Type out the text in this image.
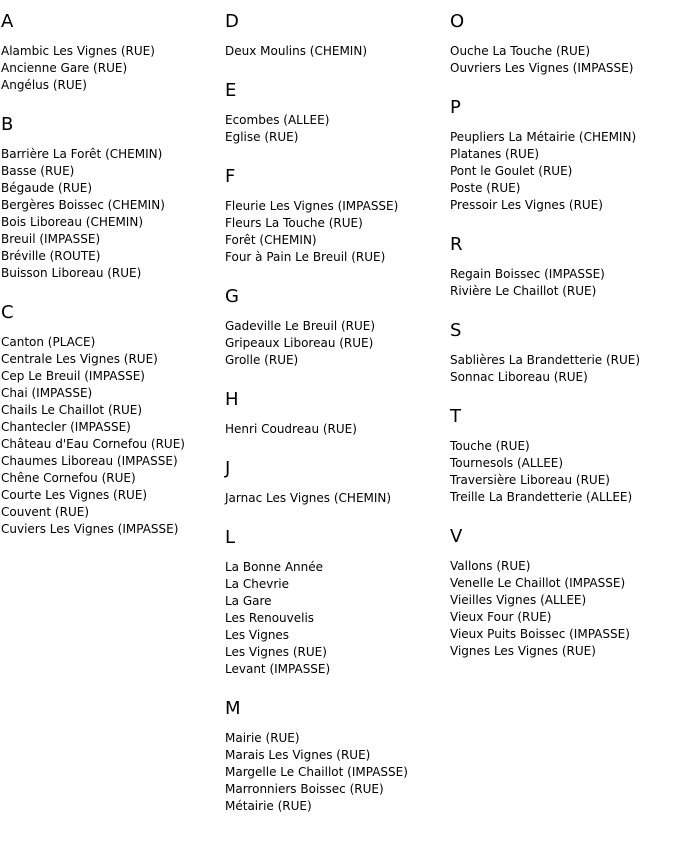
A
Alambic Les Vignes (RUE)
Ancienne Gare (RUE)
Angélus (RUE)
B
Barrière La Forêt (CHEMIN)
Basse (RUE)
Bégaude (RUE)
Bergères Boissec (CHEMIN)
Bois Liboreau (CHEMIN)
Breuil (IMPASSE)
Bréville (ROUTE)
Buisson Liboreau (RUE)
C
Canton (PLACE)
Centrale Les Vignes (RUE)
Cep Le Breuil (IMPASSE)
Chai (IMPASSE)
Chails Le Chaillot (RUE)
Chantecler (IMPASSE)
Château d'Eau Cornefou (RUE)
Chaumes Liboreau (IMPASSE)
Chêne Cornefou (RUE)
Courte Les Vignes (RUE)
Couvent (RUE)
Cuviers Les Vignes (IMPASSE)
D
Deux Moulins (CHEMIN)
E
Ecombes (ALLEE)
Eglise (RUE)
F
Fleurie Les Vignes (IMPASSE)
Fleurs La Touche (RUE)
Forêt (CHEMIN)
Four à Pain Le Breuil (RUE)
G
Gadeville Le Breuil (RUE)
Gripeaux Liboreau (RUE)
Grolle (RUE)
H
Henri Coudreau (RUE)
J
Jarnac Les Vignes (CHEMIN)
L
La Bonne Année
La Chevrie
La Gare
Les Renouvelis
Les Vignes
Les Vignes (RUE)
Levant (IMPASSE)
M
Mairie (RUE)
Marais Les Vignes (RUE)
Margelle Le Chaillot (IMPASSE)
Marronniers Boissec (RUE)
Métairie (RUE)
O
Ouche La Touche (RUE)
Ouvriers Les Vignes (IMPASSE)
P
Peupliers La Métairie (CHEMIN)
Platanes (RUE)
Pont le Goulet (RUE)
Poste (RUE)
Pressoir Les Vignes (RUE)
R
Regain Boissec (IMPASSE)
Rivière Le Chaillot (RUE)
S
Sablières La Brandetterie (RUE)
Sonnac Liboreau (RUE)
T
Touche (RUE)
Tournesols (ALLEE)
Traversière Liboreau (RUE)
Treille La Brandetterie (ALLEE)
V
Vallons (RUE)
Venelle Le Chaillot (IMPASSE)
Vieilles Vignes (ALLEE)
Vieux Four (RUE)
Vieux Puits Boissec (IMPASSE)
Vignes Les Vignes (RUE)
